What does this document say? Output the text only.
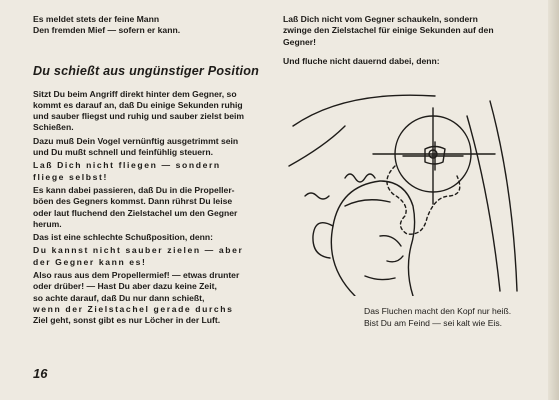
Es meldet stets der feine Mann

Den fremden Mief — sofern er kann.

Du schießt aus ungünstiger Position

Sitzt Du beim Angriff direkt hinter dem Gegner, so

kommt es darauf an, daß Du einige Sekunden ruhig

und sauber fliegst und ruhig und sauber zielst beim

Schießen.

Dazu muß Dein Vogel vernünftig ausgetrimmt sein

und Du mußt schnell und feinfühlig steuern.

Laß Dich nicht fliegen — sondern

fliege selbst!

Es kann dabei passieren, daß Du in die Propeller-

böen des Gegners kommst. Dann rührst Du leise

oder laut fluchend den Zielstachel um den Gegner

herum.

Das ist eine schlechte Schußposition, denn:

Du kannst nicht sauber zielen — aber

der Gegner kann es!

Also raus aus dem Propellermief! — etwas drunter

oder drüber! — Hast Du aber dazu keine Zeit,

so achte darauf, daß Du nur dann schießt,

wenn der Zielstachel gerade durchs

Ziel geht, sonst gibt es nur Löcher in der Luft.

16

Laß Dich nicht vom Gegner schaukeln, sondern

zwinge den Zielstachel für einige Sekunden auf den

Gegner!

Und fluche nicht dauernd dabei, denn:

Das Fluchen macht den Kopf nur heiß.

Bist Du am Feind — sei kalt wie Eis.
